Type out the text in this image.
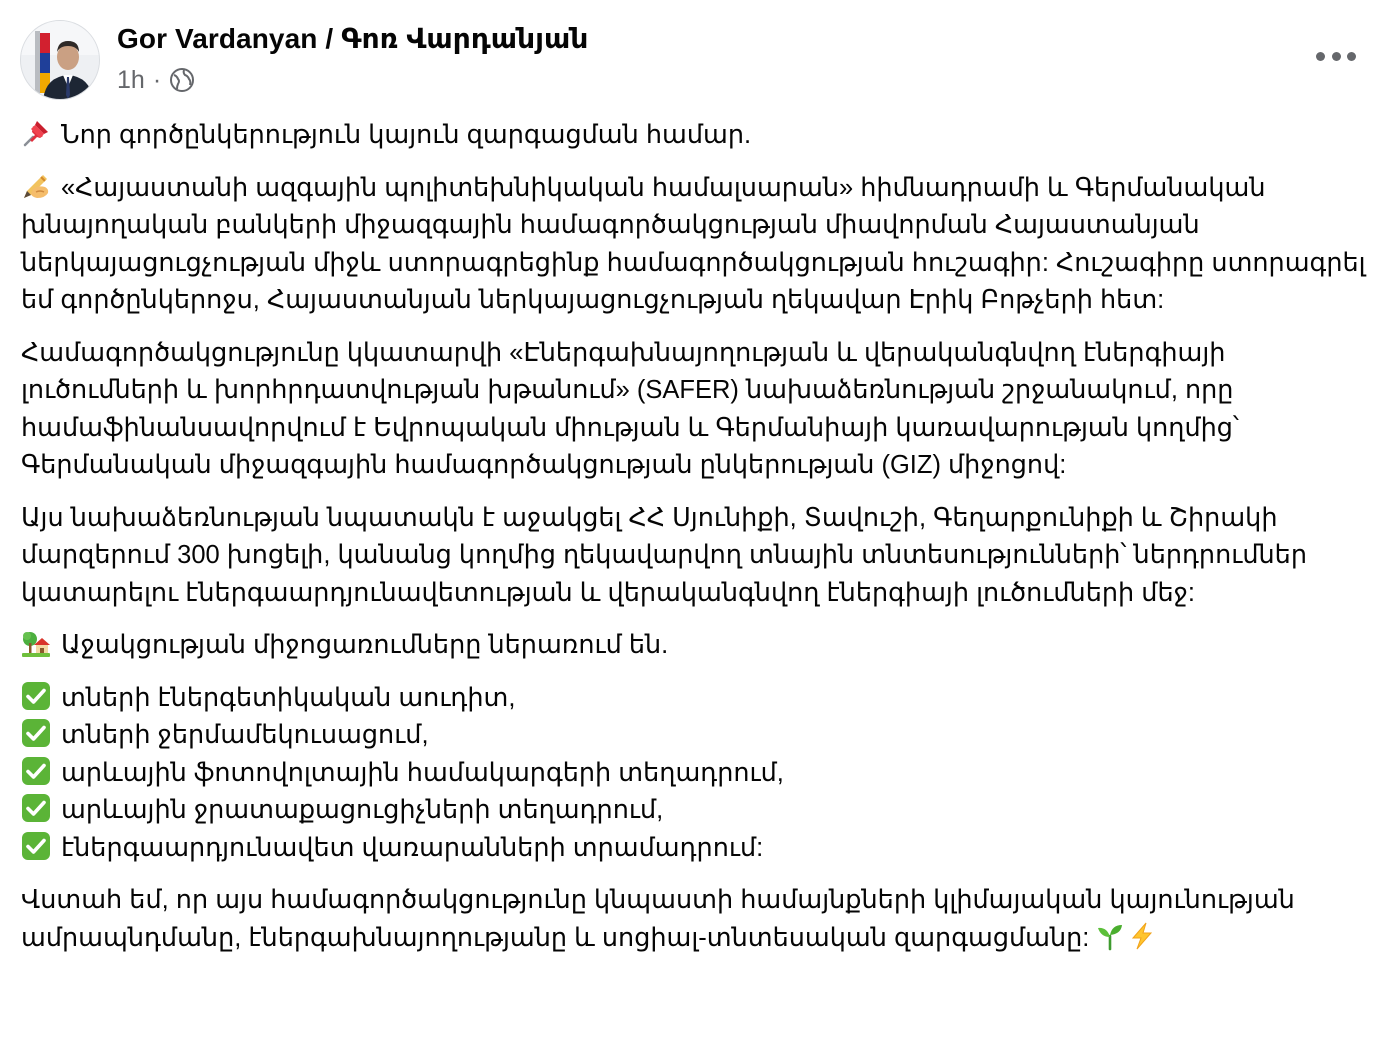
Gor Vardanyan / Գոռ Վարդանյան
1h ·

Նոր գործընկերություն կայուն զարգացման համար.

«Հայաստանի ազգային պոլիտեխնիկական համալսարան» հիմնադրամի և Գերմանական խնայողական բանկերի միջազգային համագործակցության միավորման Հայաստանյան ներկայացուցչության միջև ստորագրեցինք համագործակցության հուշագիր: Հուշագիրը ստորագրել եմ գործընկերոջս, Հայաստանյան ներկայացուցչության ղեկավար Էրիկ Բոթչերի հետ:

Համագործակցությունը կկատարվի «Էներգախնայողության և վերականգնվող էներգիայի լուծումների և խորհրդատվության խթանում» (SAFER) նախաձեռնության շրջանակում, որը համաֆինանսավորվում է Եվրոպական միության և Գերմանիայի կառավարության կողմից՝ Գերմանական միջազգային համագործակցության ընկերության (GIZ) միջոցով:

Այս նախաձեռնության նպատակն է աջակցել ՀՀ Սյունիքի, Տավուշի, Գեղարքունիքի և Շիրակի մարզերում 300 խոցելի, կանանց կողմից ղեկավարվող տնային տնտեսությունների՝ ներդրումներ կատարելու էներգաարդյունավետության և վերականգնվող էներգիայի լուծումների մեջ:

Աջակցության միջոցառումները ներառում են.

տների էներգետիկական աուդիտ,
տների ջերմամեկուսացում,
արևային ֆոտովոլտային համակարգերի տեղադրում,
արևային ջրատաքացուցիչների տեղադրում,
էներգաարդյունավետ վառարանների տրամադրում:

Վստահ եմ, որ այս համագործակցությունը կնպաստի համայնքների կլիմայական կայունության ամրապնդմանը, էներգախնայողությանը և սոցիալ-տնտեսական զարգացմանը:
